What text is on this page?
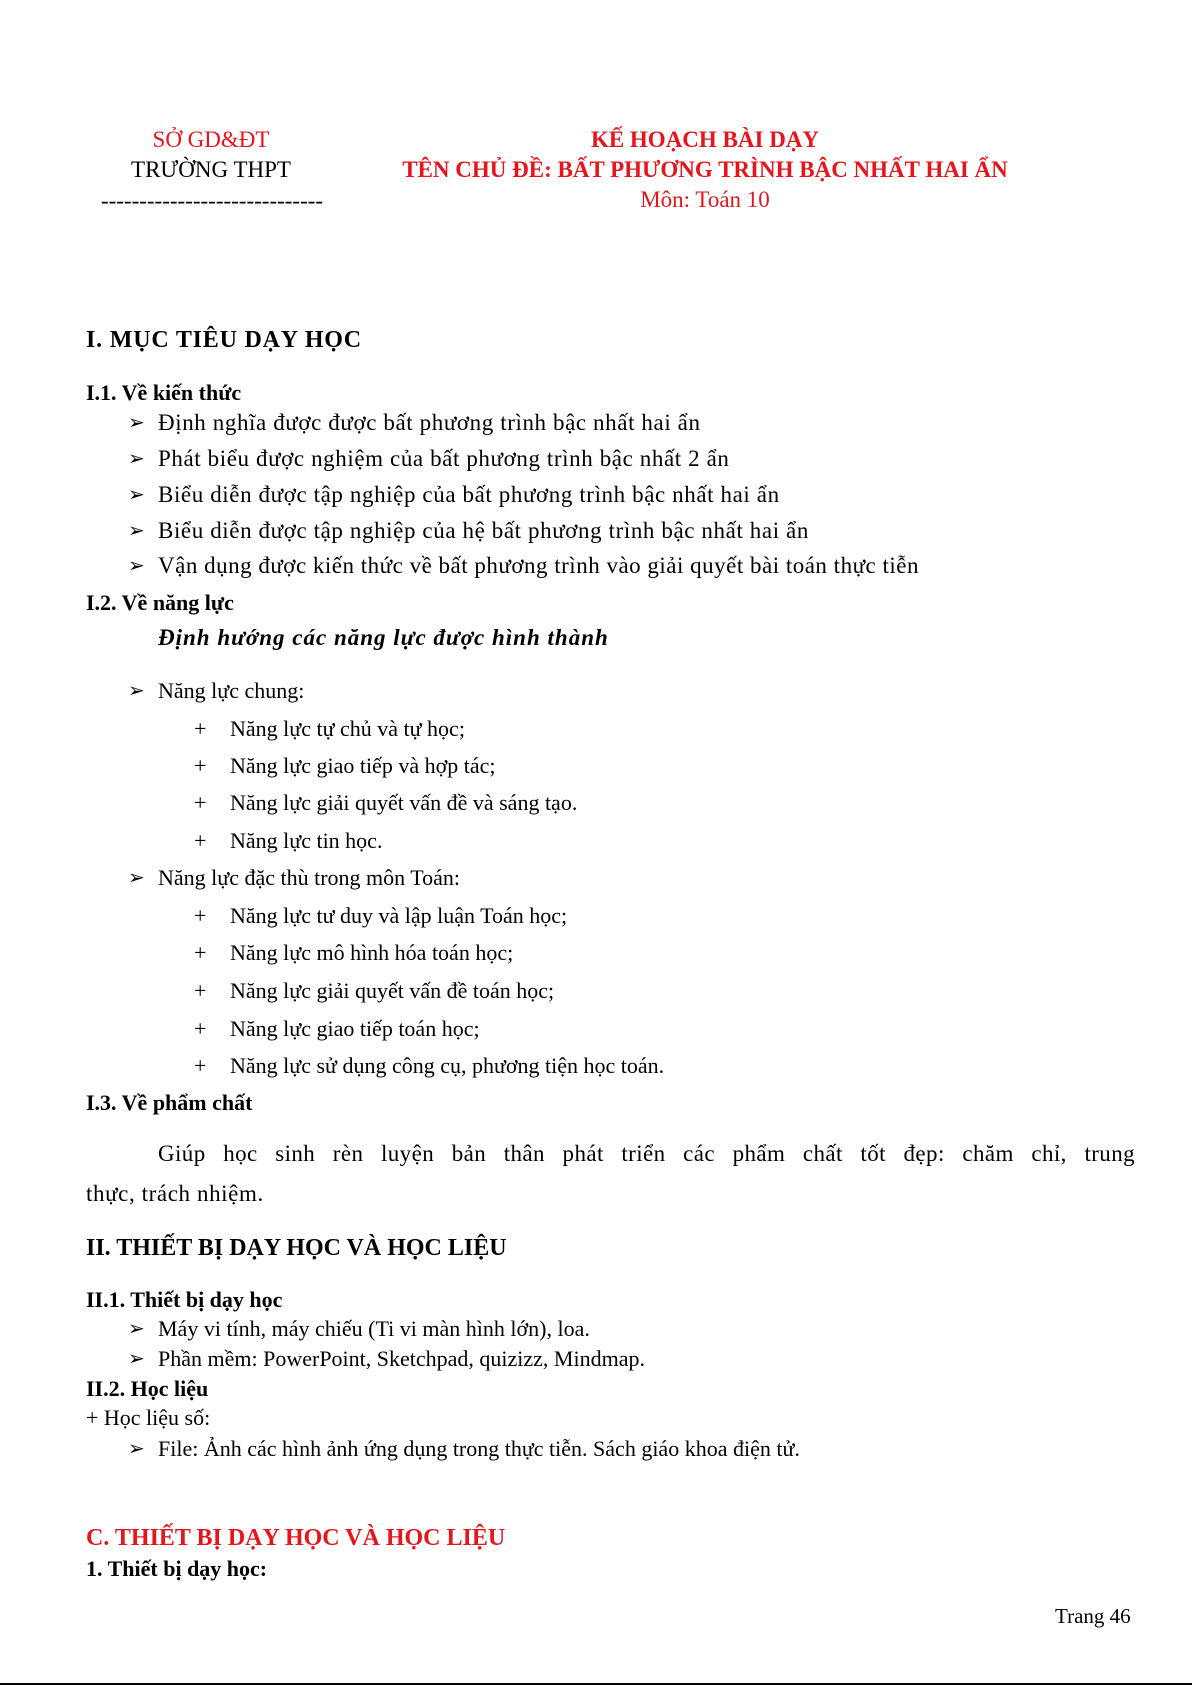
SỞ GD&ĐT
TRƯỜNG THPT
-----------------------------
KẾ HOẠCH BÀI DẠY
TÊN CHỦ ĐỀ: BẤT PHƯƠNG TRÌNH BẬC NHẤT HAI ẨN
Môn: Toán 10
I. MỤC TIÊU DẠY HỌC
I.1. Về kiến thức
➢ Định nghĩa được được bất phương trình bậc nhất hai ẩn
➢ Phát biểu được nghiệm của bất phương trình bậc nhất 2 ẩn
➢ Biểu diễn được tập nghiệp của bất phương trình bậc nhất hai ẩn
➢ Biểu diễn được tập nghiệp của hệ bất phương trình bậc nhất hai ẩn
➢ Vận dụng được kiến thức về bất phương trình vào giải quyết bài toán thực tiễn
I.2. Về năng lực
Định hướng các năng lực được hình thành
➢ Năng lực chung:
+ Năng lực tự chủ và tự học;
+ Năng lực giao tiếp và hợp tác;
+ Năng lực giải quyết vấn đề và sáng tạo.
+ Năng lực tin học.
➢ Năng lực đặc thù trong môn Toán:
+ Năng lực tư duy và lập luận Toán học;
+ Năng lực mô hình hóa toán học;
+ Năng lực giải quyết vấn đề toán học;
+ Năng lực giao tiếp toán học;
+ Năng lực sử dụng công cụ, phương tiện học toán.
I.3. Về phẩm chất
Giúp học sinh rèn luyện bản thân phát triển các phẩm chất tốt đẹp: chăm chỉ, trung
thực, trách nhiệm.
II. THIẾT BỊ DẠY HỌC VÀ HỌC LIỆU
II.1. Thiết bị dạy học
➢ Máy vi tính, máy chiếu (Ti vi màn hình lớn), loa.
➢ Phần mềm: PowerPoint, Sketchpad, quizizz, Mindmap.
II.2. Học liệu
+ Học liệu số:
➢ File: Ảnh các hình ảnh ứng dụng trong thực tiễn. Sách giáo khoa điện tử.
C. THIẾT BỊ DẠY HỌC VÀ HỌC LIỆU
1. Thiết bị dạy học:
Trang 46
